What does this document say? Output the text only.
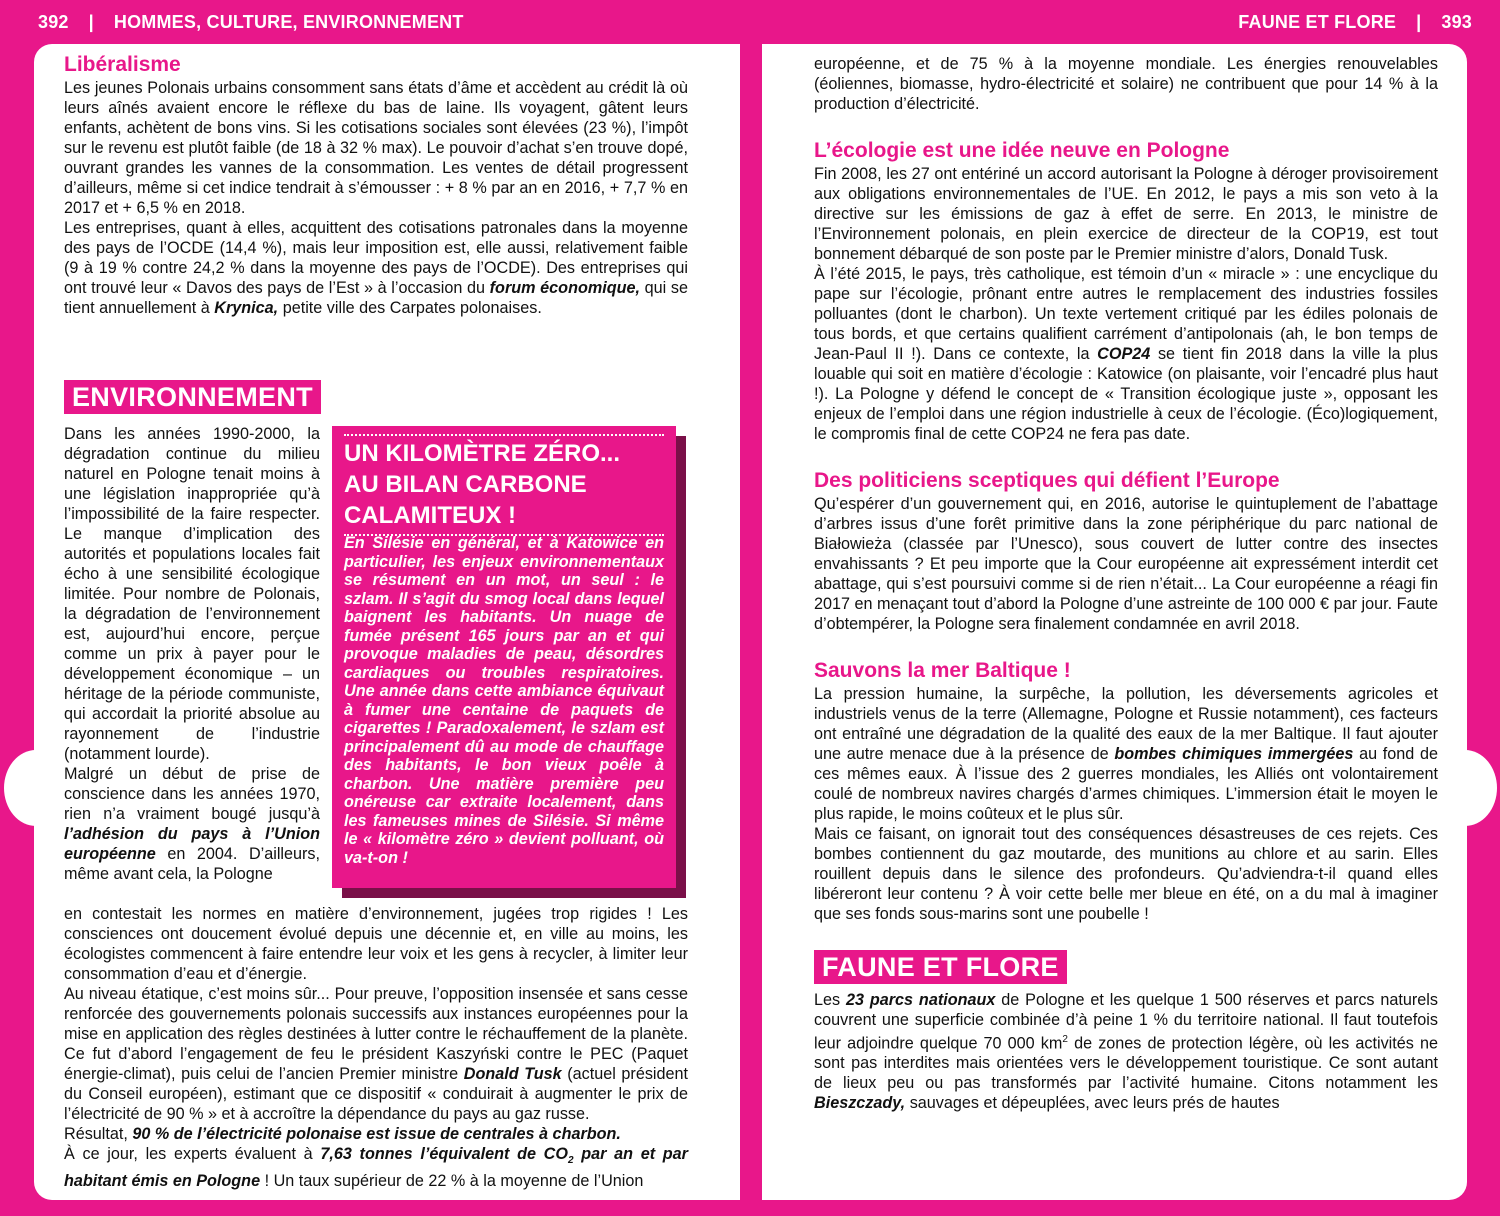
392 | HOMMES, CULTURE, ENVIRONNEMENT	FAUNE ET FLORE | 393
Libéralisme

Les jeunes Polonais urbains consomment sans états d’âme et accèdent au crédit là où leurs aînés avaient encore le réflexe du bas de laine. Ils voyagent, gâtent leurs enfants, achètent de bons vins. Si les cotisations sociales sont élevées (23 %), l’impôt sur le revenu est plutôt faible (de 18 à 32 % max). Le pouvoir d’achat s’en trouve dopé, ouvrant grandes les vannes de la consommation. Les ventes de détail progressent d’ailleurs, même si cet indice tendrait à s’émousser : + 8 % par an en 2016, + 7,7 % en 2017 et + 6,5 % en 2018.

Les entreprises, quant à elles, acquittent des cotisations patronales dans la moyenne des pays de l’OCDE (14,4 %), mais leur imposition est, elle aussi, relativement faible (9 à 19 % contre 24,2 % dans la moyenne des pays de l’OCDE). Des entreprises qui ont trouvé leur « Davos des pays de l’Est » à l’occasion du forum économique, qui se tient annuellement à Krynica, petite ville des Carpates polonaises.

ENVIRONNEMENT

Dans les années 1990-2000, la dégradation continue du milieu naturel en Pologne tenait moins à une législation inappropriée qu’à l’impossibilité de la faire respecter. Le manque d’implication des autorités et populations locales fait écho à une sensibilité écologique limitée. Pour nombre de Polonais, la dégradation de l’environnement est, aujourd’hui encore, perçue comme un prix à payer pour le développement économique – un héritage de la période communiste, qui accordait la priorité absolue au rayonnement de l’industrie (notamment lourde).

Malgré un début de prise de conscience dans les années 1970, rien n’a vraiment bougé jusqu’à l’adhésion du pays à l’Union européenne en 2004. D’ailleurs, même avant cela, la Pologne

UN KILOMÈTRE ZÉRO...
AU BILAN CARBONE
CALAMITEUX !

En Silésie en général, et à Katowice en particulier, les enjeux environnementaux se résument en un mot, un seul : le szlam. Il s’agit du smog local dans lequel baignent les habitants. Un nuage de fumée présent 165 jours par an et qui provoque maladies de peau, désordres cardiaques ou troubles respiratoires. Une année dans cette ambiance équivaut à fumer une centaine de paquets de cigarettes ! Paradoxalement, le szlam est principalement dû au mode de chauffage des habitants, le bon vieux poêle à charbon. Une matière première peu onéreuse car extraite localement, dans les fameuses mines de Silésie. Si même le « kilomètre zéro » devient polluant, où va-t-on !

en contestait les normes en matière d’environnement, jugées trop rigides ! Les consciences ont doucement évolué depuis une décennie et, en ville au moins, les écologistes commencent à faire entendre leur voix et les gens à recycler, à limiter leur consommation d’eau et d’énergie.

Au niveau étatique, c’est moins sûr... Pour preuve, l’opposition insensée et sans cesse renforcée des gouvernements polonais successifs aux instances européennes pour la mise en application des règles destinées à lutter contre le réchauffement de la planète. Ce fut d’abord l’engagement de feu le président Kaszyński contre le PEC (Paquet énergie-climat), puis celui de l’ancien Premier ministre Donald Tusk (actuel président du Conseil européen), estimant que ce dispositif « conduirait à augmenter le prix de l’électricité de 90 % » et à accroître la dépendance du pays au gaz russe.

Résultat, 90 % de l’électricité polonaise est issue de centrales à charbon.

À ce jour, les experts évaluent à 7,63 tonnes l’équivalent de $CO_2$ par an et par habitant émis en Pologne ! Un taux supérieur de 22 % à la moyenne de l’Union

européenne, et de 75 % à la moyenne mondiale. Les énergies renouvelables (éoliennes, biomasse, hydro-électricité et solaire) ne contribuent que pour 14 % à la production d’électricité.

L’écologie est une idée neuve en Pologne

Fin 2008, les 27 ont entériné un accord autorisant la Pologne à déroger provisoirement aux obligations environnementales de l’UE. En 2012, le pays a mis son veto à la directive sur les émissions de gaz à effet de serre. En 2013, le ministre de l’Environnement polonais, en plein exercice de directeur de la COP19, est tout bonnement débarqué de son poste par le Premier ministre d’alors, Donald Tusk.

À l’été 2015, le pays, très catholique, est témoin d’un « miracle » : une encyclique du pape sur l’écologie, prônant entre autres le remplacement des industries fossiles polluantes (dont le charbon). Un texte vertement critiqué par les édiles polonais de tous bords, et que certains qualifient carrément d’antipolonais (ah, le bon temps de Jean-Paul II !). Dans ce contexte, la COP24 se tient fin 2018 dans la ville la plus louable qui soit en matière d’écologie : Katowice (on plaisante, voir l’encadré plus haut !). La Pologne y défend le concept de « Transition écologique juste », opposant les enjeux de l’emploi dans une région industrielle à ceux de l’écologie. (Éco)logiquement, le compromis final de cette COP24 ne fera pas date.

Des politiciens sceptiques qui défient l’Europe

Qu’espérer d’un gouvernement qui, en 2016, autorise le quintuplement de l’abattage d’arbres issus d’une forêt primitive dans la zone périphérique du parc national de Białowieża (classée par l’Unesco), sous couvert de lutter contre des insectes envahissants ? Et peu importe que la Cour européenne ait expressément interdit cet abattage, qui s’est poursuivi comme si de rien n’était... La Cour européenne a réagi fin 2017 en menaçant tout d’abord la Pologne d’une astreinte de 100 000 € par jour. Faute d’obtempérer, la Pologne sera finalement condamnée en avril 2018.

Sauvons la mer Baltique !

La pression humaine, la surpêche, la pollution, les déversements agricoles et industriels venus de la terre (Allemagne, Pologne et Russie notamment), ces facteurs ont entraîné une dégradation de la qualité des eaux de la mer Baltique. Il faut ajouter une autre menace due à la présence de bombes chimiques immergées au fond de ces mêmes eaux. À l’issue des 2 guerres mondiales, les Alliés ont volontairement coulé de nombreux navires chargés d’armes chimiques. L’immersion était le moyen le plus rapide, le moins coûteux et le plus sûr.

Mais ce faisant, on ignorait tout des conséquences désastreuses de ces rejets. Ces bombes contiennent du gaz moutarde, des munitions au chlore et au sarin. Elles rouillent depuis dans le silence des profondeurs. Qu’adviendra-t-il quand elles libéreront leur contenu ? À voir cette belle mer bleue en été, on a du mal à imaginer que ses fonds sous-marins sont une poubelle !

FAUNE ET FLORE

Les 23 parcs nationaux de Pologne et les quelque 1 500 réserves et parcs naturels couvrent une superficie combinée d’à peine 1 % du territoire national. Il faut toutefois leur adjoindre quelque 70 000 $km^2$ de zones de protection légère, où les activités ne sont pas interdites mais orientées vers le développement touristique. Ce sont autant de lieux peu ou pas transformés par l’activité humaine. Citons notamment les Bieszczady, sauvages et dépeuplées, avec leurs prés de hautes
